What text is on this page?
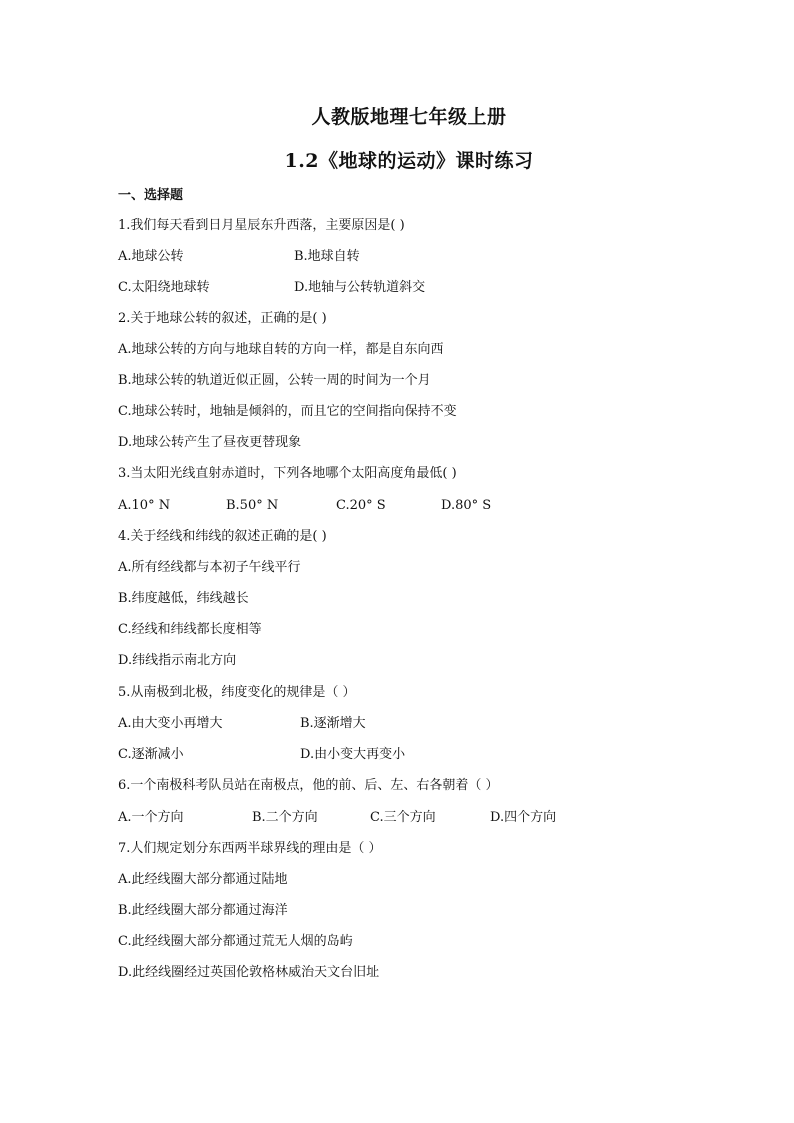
人教版地理七年级上册
1.2《地球的运动》课时练习
一、选择题
1.我们每天看到日月星辰东升西落，主要原因是( )
A.地球公转	B.地球自转
C.太阳绕地球转	D.地轴与公转轨道斜交
2.关于地球公转的叙述，正确的是( )
A.地球公转的方向与地球自转的方向一样，都是自东向西
B.地球公转的轨道近似正圆，公转一周的时间为一个月
C.地球公转时，地轴是倾斜的，而且它的空间指向保持不变
D.地球公转产生了昼夜更替现象
3.当太阳光线直射赤道时，下列各地哪个太阳高度角最低( )
A.10° N	B.50° N	C.20° S	D.80° S
4.关于经线和纬线的叙述正确的是( )
A.所有经线都与本初子午线平行
B.纬度越低，纬线越长
C.经线和纬线都长度相等
D.纬线指示南北方向
5.从南极到北极，纬度变化的规律是（ ）
A.由大变小再增大	B.逐渐增大
C.逐渐减小	D.由小变大再变小
6.一个南极科考队员站在南极点，他的前、后、左、右各朝着（ ）
A.一个方向	B.二个方向	C.三个方向	D.四个方向
7.人们规定划分东西两半球界线的理由是（ ）
A.此经线圈大部分都通过陆地
B.此经线圈大部分都通过海洋
C.此经线圈大部分都通过荒无人烟的岛屿
D.此经线圈经过英国伦敦格林威治天文台旧址
